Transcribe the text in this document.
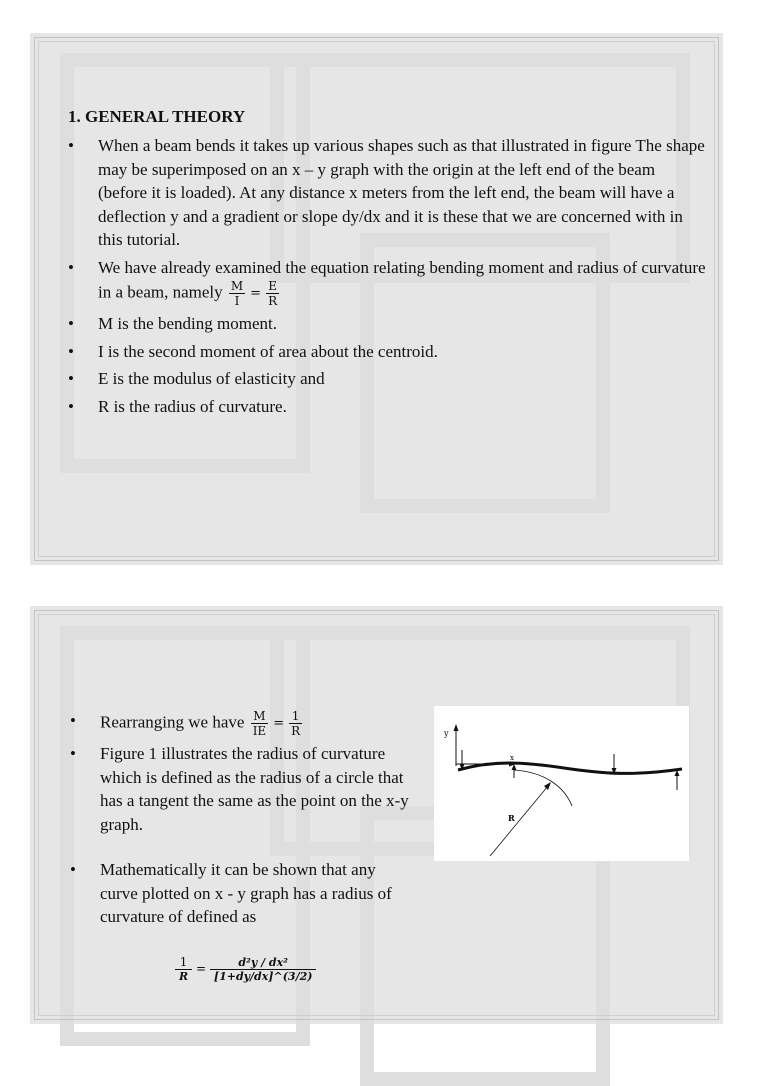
1. GENERAL THEORY
• When a beam bends it takes up various shapes such as that illustrated in figure The shape may be superimposed on an x – y graph with the origin at the left end of the beam (before it is loaded). At any distance x meters from the left end, the beam will have a deflection y and a gradient or slope dy/dx and it is these that we are concerned with in this tutorial.
• We have already examined the equation relating bending moment and radius of curvature in a beam, namely $\frac{M}{I} = \frac{E}{R}$
• M is the bending moment.
• I is the second moment of area about the centroid.
• E is the modulus of elasticity and
• R is the radius of curvature.
• Rearranging we have $\frac{M}{IE} = \frac{1}{R}$
• Figure 1 illustrates the radius of curvature which is defined as the radius of a circle that has a tangent the same as the point on the x-y graph.
• Mathematically it can be shown that any curve plotted on x - y graph has a radius of curvature of defined as
y
x
R
$\frac{1}{R} = \frac{\text{d²y / dx²}}{[1+dy/dx]\^{}(3/2)}$
